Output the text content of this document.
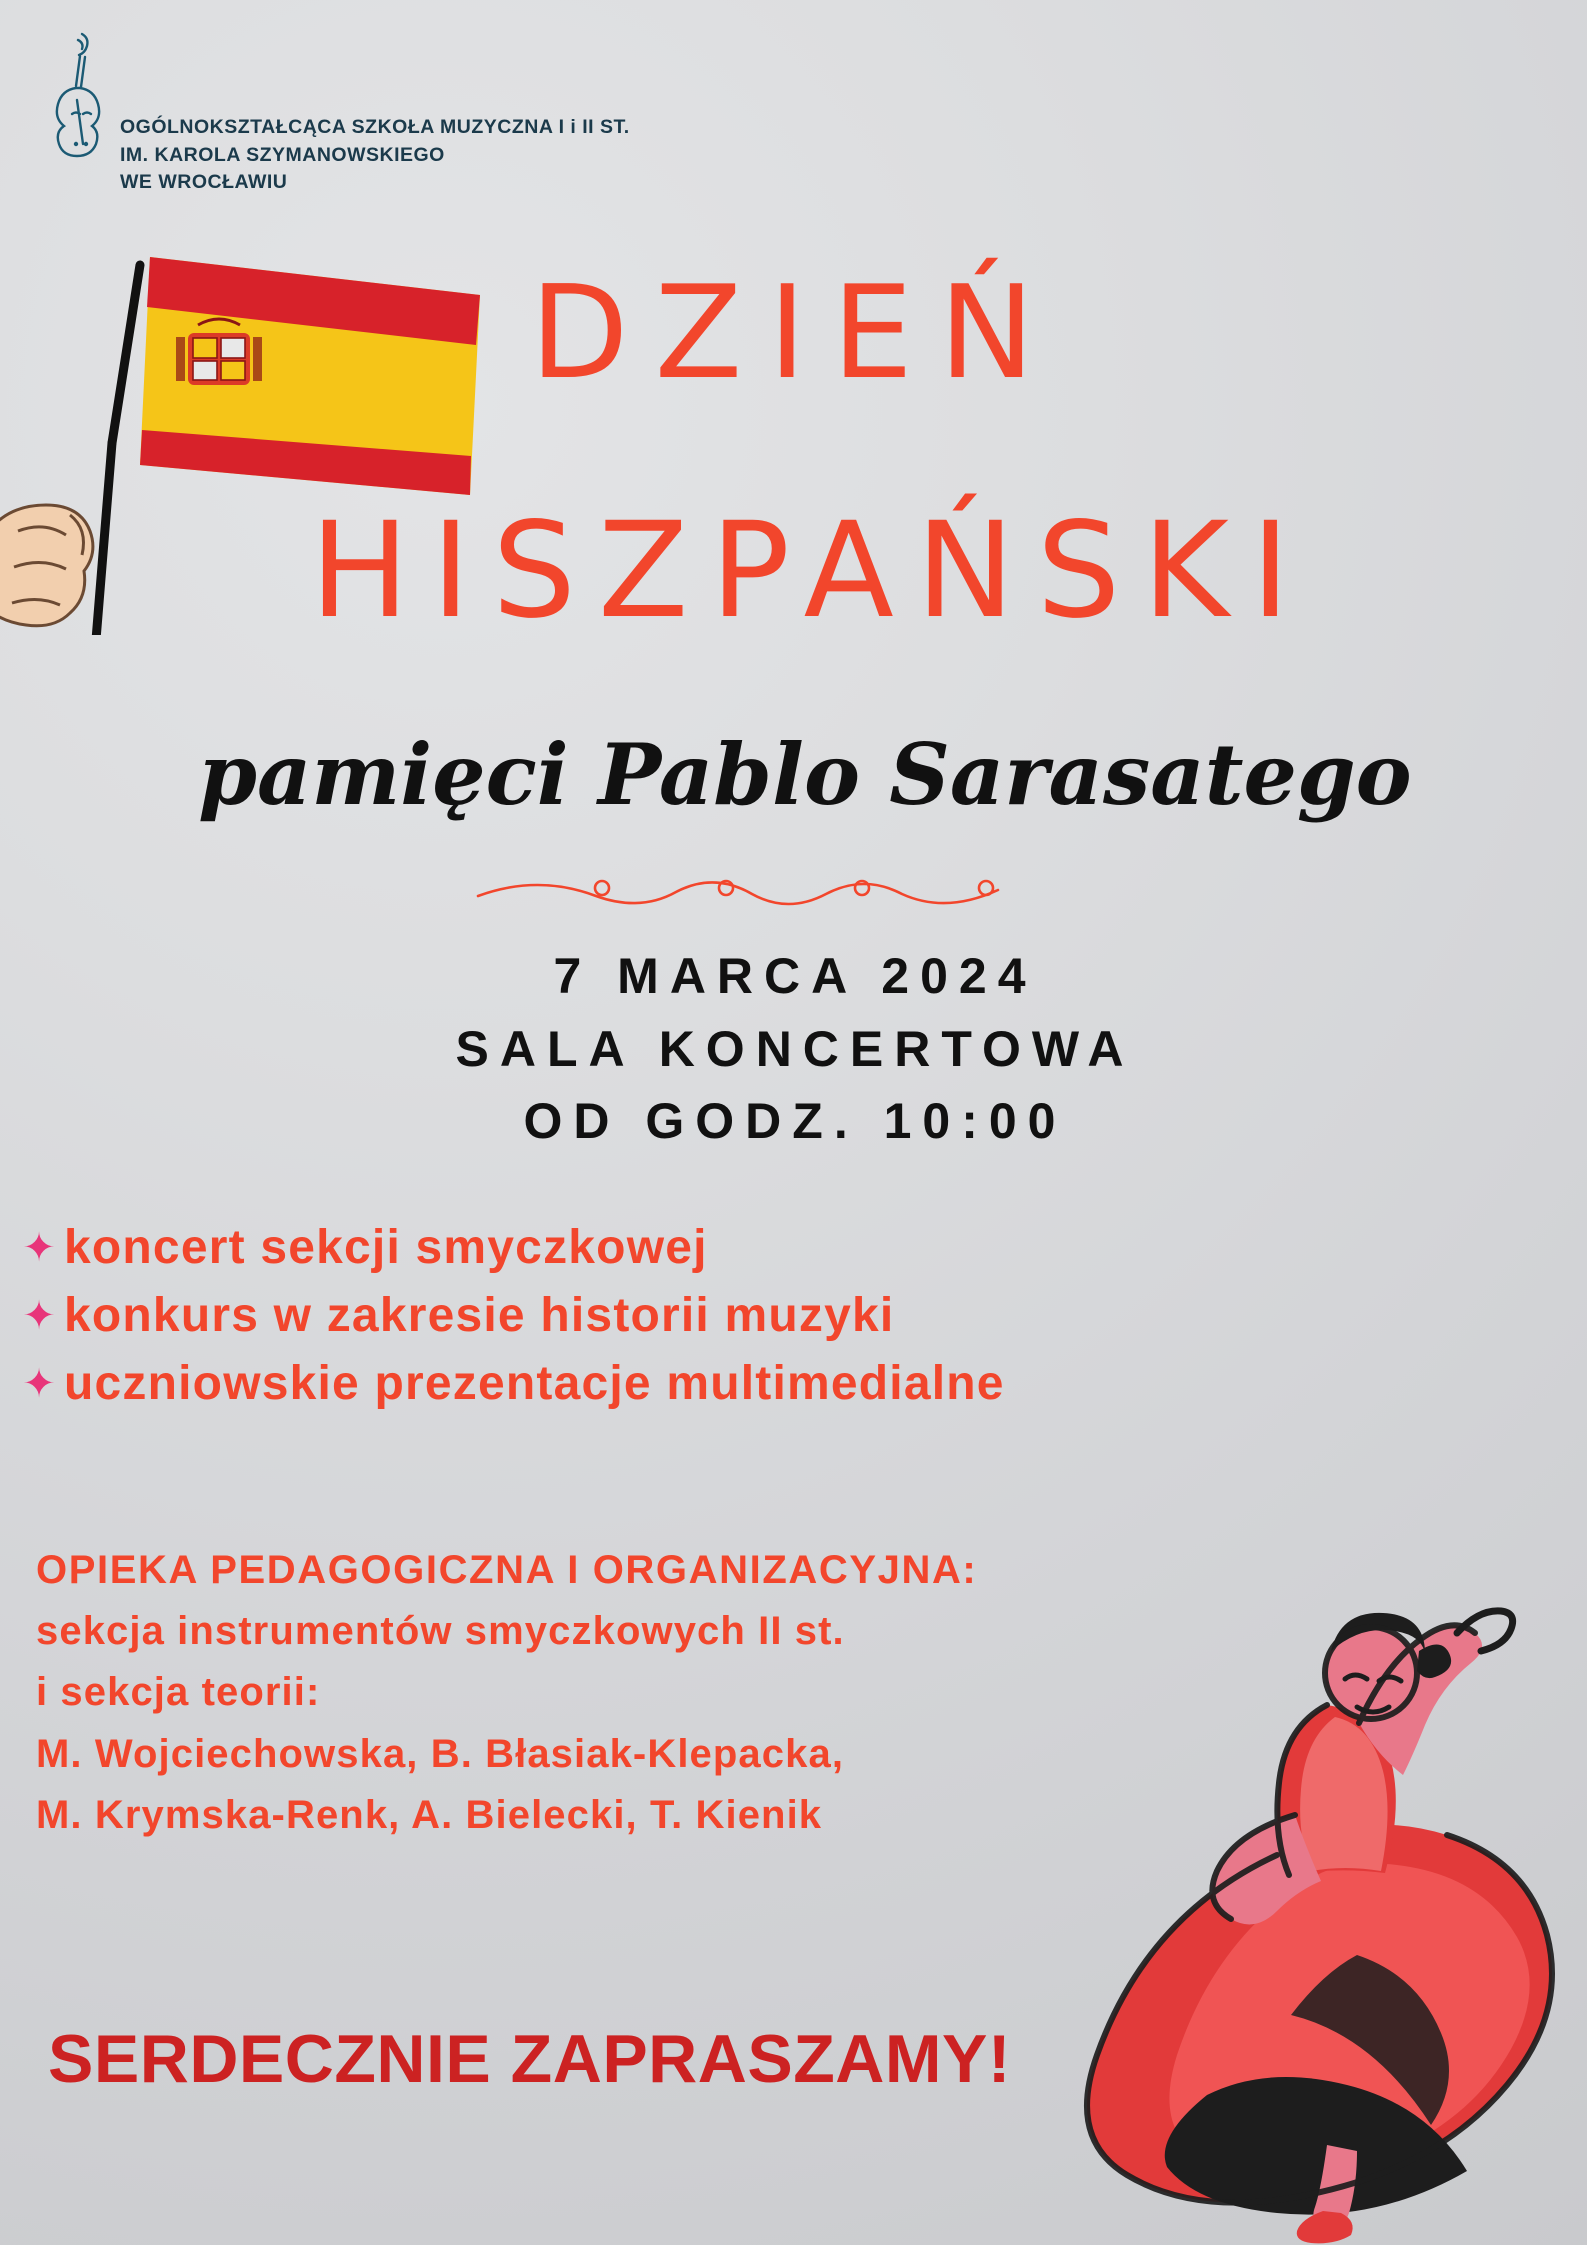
OGÓLNOKSZTAŁCĄCA SZKOŁA MUZYCZNA I i II ST.
IM. KAROLA SZYMANOWSKIEGO
WE WROCŁAWIU
DZIEŃ
HISZPAŃSKI
pamięci Pablo Sarasatego
7 MARCA 2024
SALA KONCERTOWA
OD GODZ. 10:00
✦ koncert sekcji smyczkowej
✦ konkurs w zakresie historii muzyki
✦ uczniowskie prezentacje multimedialne
OPIEKA PEDAGOGICZNA I ORGANIZACYJNA:
sekcja instrumentów smyczkowych II st.
i sekcja teorii:
M. Wojciechowska, B. Błasiak-Klepacka,
M. Krymska-Renk, A. Bielecki, T. Kienik
SERDECZNIE ZAPRASZAMY!
